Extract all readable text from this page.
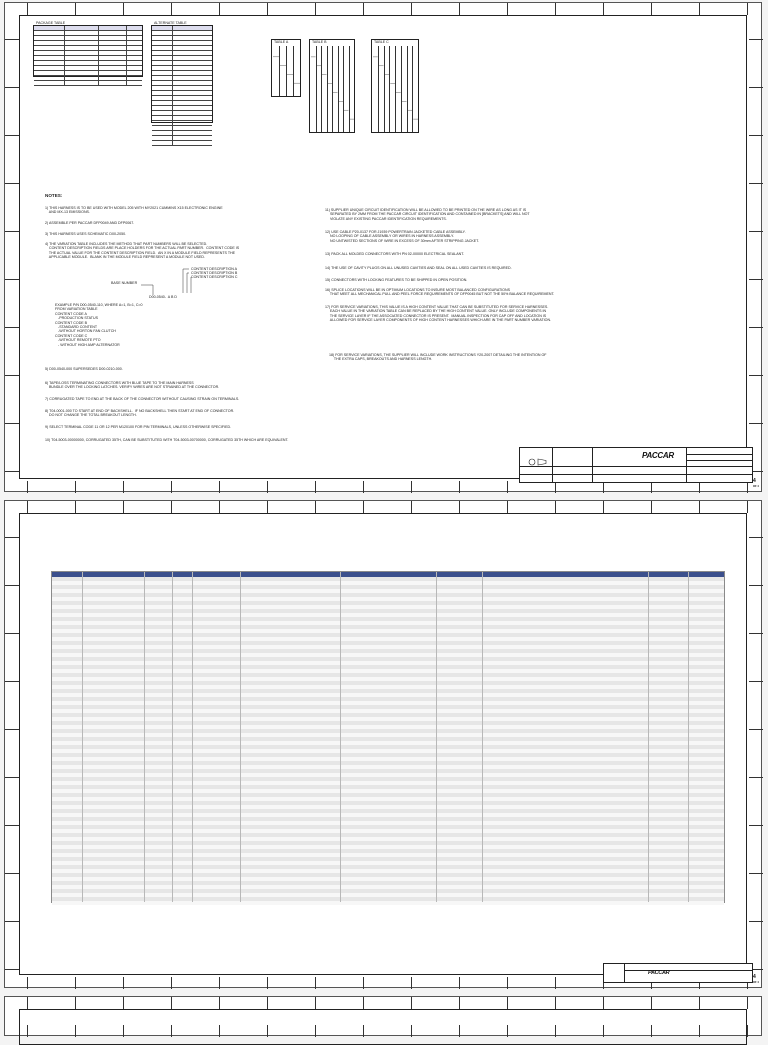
PACKAGE TABLE	ALTERNATE TABLE
TABLE A	TABLE B	TABLE C
NOTES:
1) THIS HARNESS IS TO BE USED WITH MODEL 205 WITH MY2021 CUMMINS X15 ELECTRONIC ENGINE
AND MX-13 EMISSIONS.
2) ASSEMBLE PER PACCAR DFP0049 AND DFP0067.
3) THIS HARNESS USES SCHEMATIC D00-2050.
4) THE VARIATION TABLE INCLUDES THE METHOD THAT PART NUMBERS WILL BE SELECTED.
CONTENT DESCRIPTION FIELDS ARE PLACE HOLDERS FOR THE ACTUAL PART NUMBER.  CONTENT CODE IS
THE ACTUAL VALUE FOR THE CONTENT DESCRIPTION FIELD.  AN X IN A MODULE FIELD REPRESENTS THE
APPLICABLE MODULE.  BLANK IN THE MODULE FIELD REPRESENT A MODULE NOT USED.
CONTENT DESCRIPTION A
CONTENT DESCRIPTION B
CONTENT DESCRIPTION C
BASE NUMBER
D00-0540-  A B D
EXAMPLE P/N D00-0540-110, WHERE A=1, B=1, C=0
FROM VARIATION TABLE
CONTENT CODE A
-PRODUCTION STATUS
CONTENT CODE B
-STANDARD CONTENT
-WITHOUT HORTON FAN CLUTCH
CONTENT CODE C
-WITHOUT REMOTE PTO
- WITHOUT HIGH AMP ALTERNATOR
5) D00-0540-000 SUPERSEDES D00-0210-000.
6) TAPE/LOSS TERMINATING CONNECTORS WITH BLUE TAPE TO THE MAIN HARNESS
BUNDLE OVER THE LOCKING LATCHES. VERIFY WIRES ARE NOT STRAINED AT THE CONNECTOR.
7) CORRUGATED TAPE TO END AT THE BACK OF THE CONNECTOR WITHOUT CAUSING STRAIN ON TERMINALS.
8) T04-0001-000 TO START AT END OF BACKSHELL.  IF NO BACKSHELL THEN START AT END OF CONNECTOR.
DO NOT CHANGE THE TOTAL BREAKOUT LENGTH.
9) SELECT TERMINAL CODE 11 OR 12 PER M120100 FOR PIN TERMINALS, UNLESS OTHERWISE SPECIFIED.
10) T04-5003-00000000, CORRUGATED 35TH, CAN BE SUBSTITUTED WITH T04-5003-00700000, CORRUGATED 35TH WHICH ARE EQUIVALENT.
11) SUPPLIER UNIQUE CIRCUIT IDENTIFICATION WILL BE ALLOWED TO BE PRINTED ON THE WIRE AS LONG AS IT IS
SEPARATED BY 2MM FROM THE PACCAR CIRCUIT IDENTIFICATION AND CONTAINED IN [BRACKETS] AND WILL NOT
VIOLATE ANY EXISTING PACCAR IDENTIFICATION REQUIREMENTS.
12) USE CABLE P20-0137 FOR J1939 POWERTRAIN JACKETED CABLE ASSEMBLY.
NO LOOPING OF CABLE ASSEMBLY OR WIRES IN HARNESS ASSEMBLY.
NO UNTWISTED SECTIONS OF WIRE IN EXCESS OF 30mm AFTER STRIPPING JACKET.
13) PACK ALL MOLDED CONNECTORS WITH PN 02-00000 ELECTRICAL SEALANT.
14) THE USE OF CAVITY PLUGS ON ALL UNUSED CAVITIES AND SEAL ON ALL USED CAVITIES IS REQUIRED.
15) CONNECTORS WITH LOCKING FEATURES TO BE SHIPPED IN OPEN POSITION.
16) SPLICE LOCATIONS WILL BE IN OPTIMUM LOCATIONS TO INSURE MOST BALANCED CONFIGURATIONS
THAT MEET ALL MECHANICAL PULL AND PEEL FORCE REQUIREMENTS OF DFP0045 BUT NOT THE 50% BALANCE REQUIREMENT.
17) FOR SERVICE VARIATIONS, THIS VALUE IS A HIGH CONTENT VALUE THAT CAN BE SUBSTITUTED FOR SERVICE HARNESSES.
EACH VALUE IN THE VARIATION TABLE CAN BE REPLACED BY THE HIGH CONTENT VALUE. ONLY INCLUDE COMPONENTS IN
THE SERVICE LAYER IF THE ASSOCIATED CONNECTOR IS PRESENT.  MANUAL INSPECTION FOR CAP OFF AND LOCATION IS
ALLOWED FOR SERVICE LAYER COMPONENTS OF HIGH CONTENT HARNESSES WHICH ARE IN THE PART NUMBER VARIATION.
18) FOR SERVICE VARIATIONS, THE SUPPLIER WILL INCLUDE WORK INSTRUCTIONS Y20-2007 DETAILING THE INTENTION OF
THE EXTRA CAPS, BREAKOUTS AND HARNESS LENGTH.
PACCAR
4
OF 4
PACCAR
4
OF 4
